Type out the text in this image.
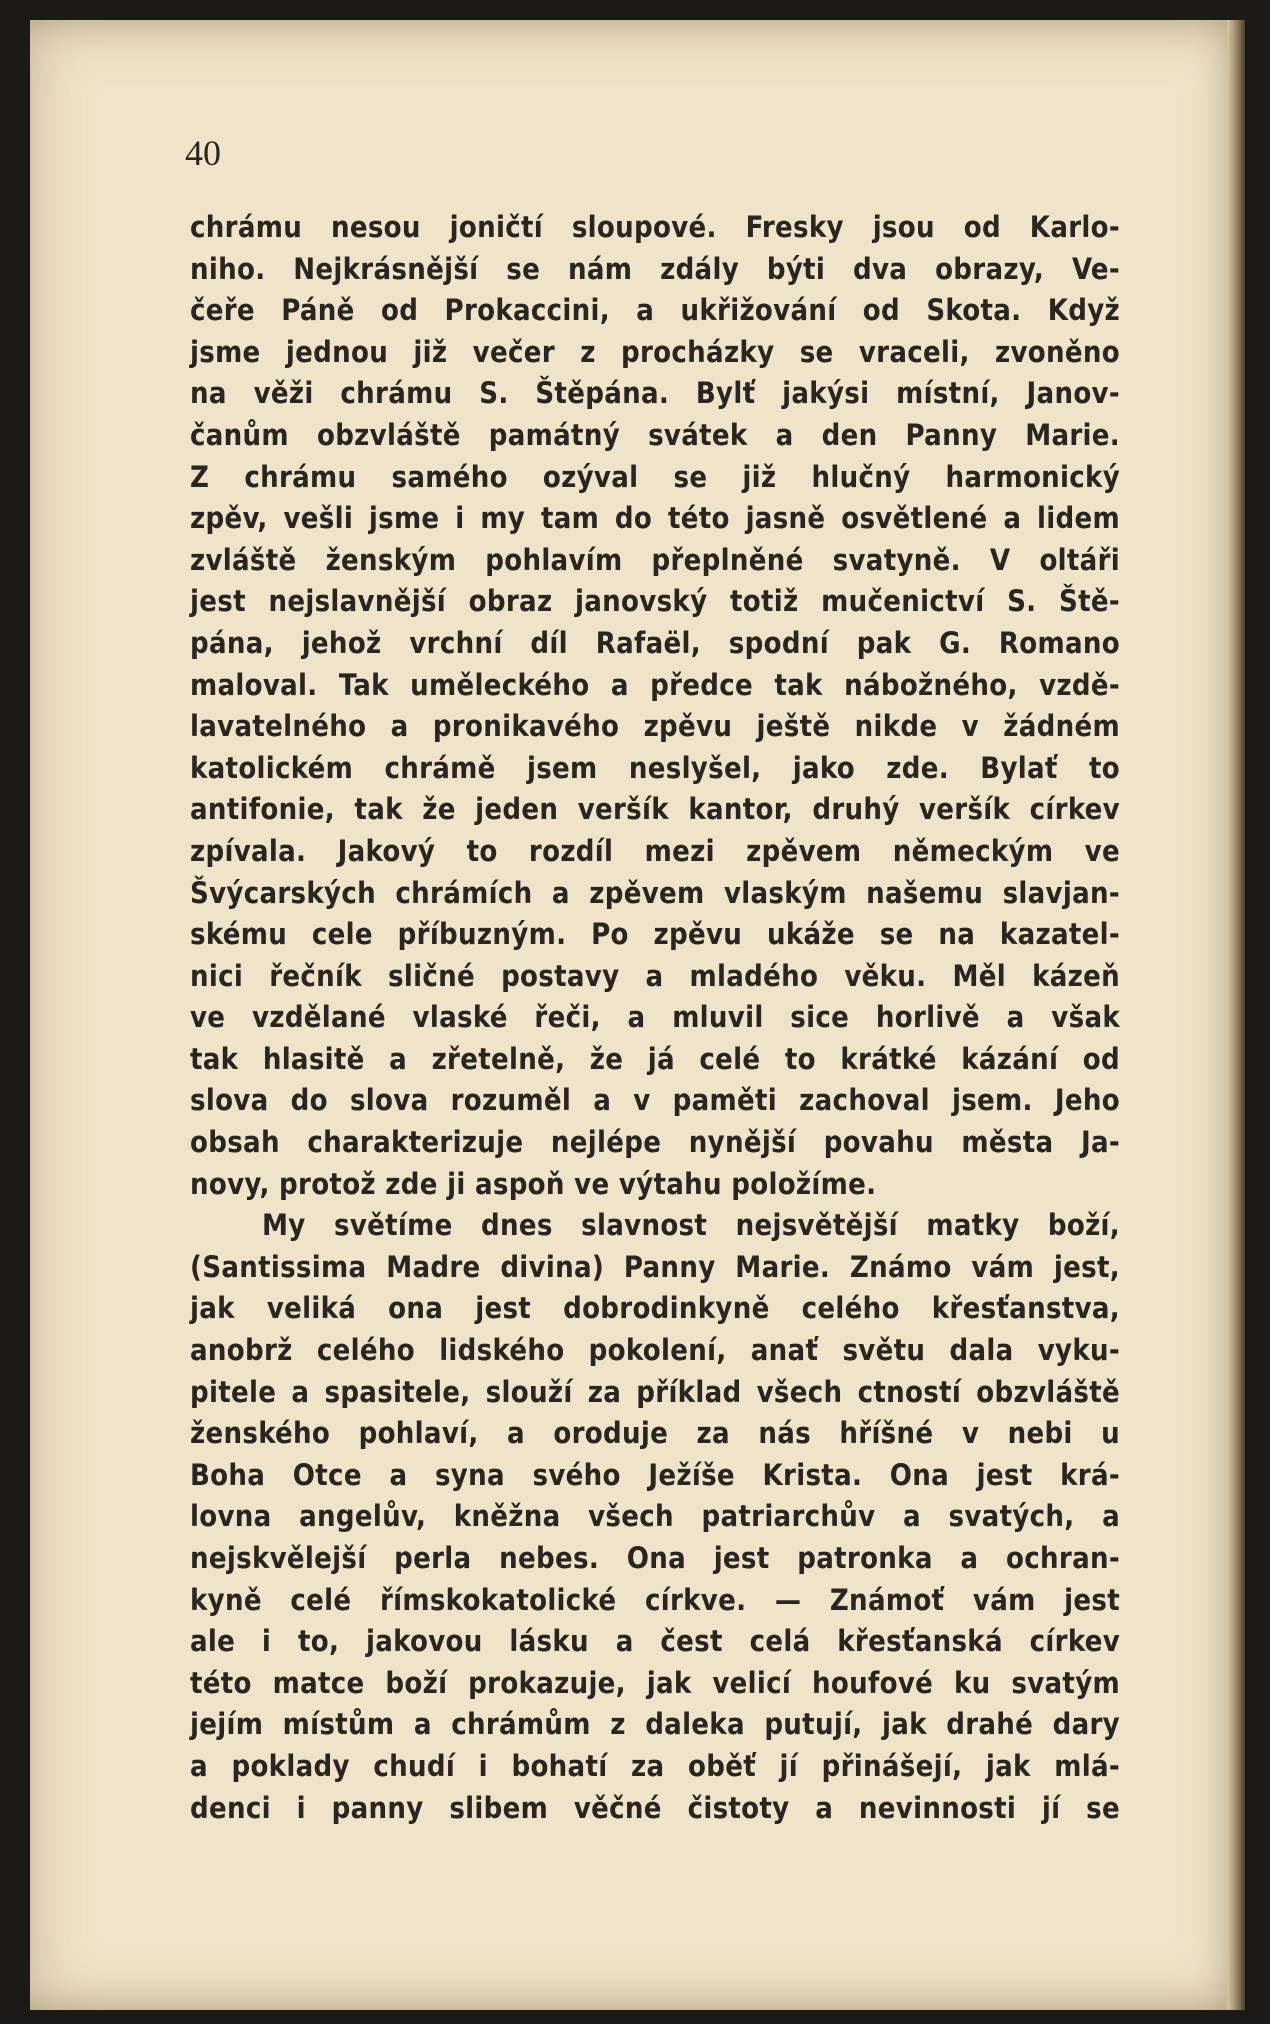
40
chrámu nesou joničtí sloupové. Fresky jsou od Karlo-
niho. Nejkrásnější se nám zdály býti dva obrazy, Ve-
čeře Páně od Prokaccini, a ukřižování od Skota. Když
jsme jednou již večer z procházky se vraceli, zvoněno
na věži chrámu S. Štěpána. Bylť jakýsi místní, Janov-
čanům obzvláště památný svátek a den Panny Marie.
Z chrámu samého ozýval se již hlučný harmonický
zpěv, vešli jsme i my tam do této jasně osvětlené a lidem
zvláště ženským pohlavím přeplněné svatyně. V oltáři
jest nejslavnější obraz janovský totiž mučenictví S. Ště-
pána, jehož vrchní díl Rafaël, spodní pak G. Romano
maloval. Tak uměleckého a předce tak nábožného, vzdě-
lavatelného a pronikavého zpěvu ještě nikde v žádném
katolickém chrámě jsem neslyšel, jako zde. Bylať to
antifonie, tak že jeden veršík kantor, druhý veršík církev
zpívala. Jakový to rozdíl mezi zpěvem německým ve
Švýcarských chrámích a zpěvem vlaským našemu slavjan-
skému cele příbuzným. Po zpěvu ukáže se na kazatel-
nici řečník sličné postavy a mladého věku. Měl kázeň
ve vzdělané vlaské řeči, a mluvil sice horlivě a však
tak hlasitě a zřetelně, že já celé to krátké kázání od
slova do slova rozuměl a v paměti zachoval jsem. Jeho
obsah charakterizuje nejlépe nynější povahu města Ja-
novy, protož zde ji aspoň ve výtahu položíme.
My světíme dnes slavnost nejsvětější matky boží,
(Santissima Madre divina) Panny Marie. Známo vám jest,
jak veliká ona jest dobrodinkyně celého křesťanstva,
anobrž celého lidského pokolení, anať světu dala vyku-
pitele a spasitele, slouží za příklad všech ctností obzvláště
ženského pohlaví, a oroduje za nás hříšné v nebi u
Boha Otce a syna svého Ježíše Krista. Ona jest krá-
lovna angelův, kněžna všech patriarchův a svatých, a
nejskvělejší perla nebes. Ona jest patronka a ochran-
kyně celé římskokatolické církve. — Známoť vám jest
ale i to, jakovou lásku a čest celá křesťanská církev
této matce boží prokazuje, jak velicí houfové ku svatým
jejím místům a chrámům z daleka putují, jak drahé dary
a poklady chudí i bohatí za oběť jí přinášejí, jak mlá-
denci i panny slibem věčné čistoty a nevinnosti jí se
